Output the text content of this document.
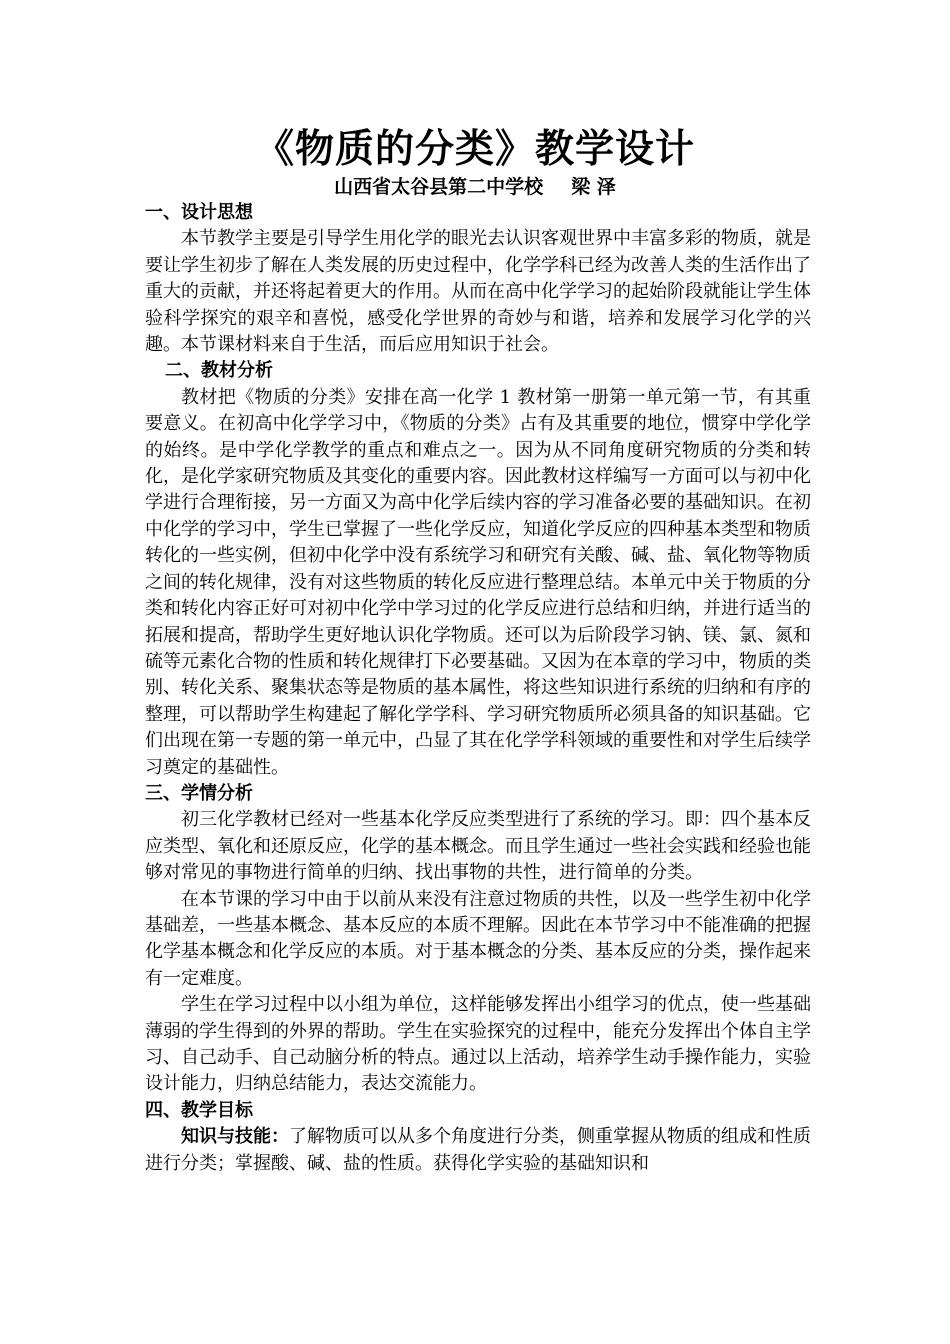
《物质的分类》教学设计
山西省太谷县第二中学校 梁 泽
一、设计思想

本节教学主要是引导学生用化学的眼光去认识客观世界中丰富多彩的物质，就是要让学生初步了解在人类发展的历史过程中，化学学科已经为改善人类的生活作出了重大的贡献，并还将起着更大的作用。从而在高中化学学习的起始阶段就能让学生体验科学探究的艰辛和喜悦，感受化学世界的奇妙与和谐，培养和发展学习化学的兴趣。本节课材料来自于生活，而后应用知识于社会。

二、教材分析

教材把《物质的分类》安排在高一化学 1 教材第一册第一单元第一节，有其重要意义。在初高中化学学习中，《物质的分类》占有及其重要的地位，惯穿中学化学的始终。是中学化学教学的重点和难点之一。因为从不同角度研究物质的分类和转化，是化学家研究物质及其变化的重要内容。因此教材这样编写一方面可以与初中化学进行合理衔接，另一方面又为高中化学后续内容的学习准备必要的基础知识。在初中化学的学习中，学生已掌握了一些化学反应，知道化学反应的四种基本类型和物质转化的一些实例，但初中化学中没有系统学习和研究有关酸、碱、盐、氧化物等物质之间的转化规律，没有对这些物质的转化反应进行整理总结。本单元中关于物质的分类和转化内容正好可对初中化学中学习过的化学反应进行总结和归纳，并进行适当的拓展和提高，帮助学生更好地认识化学物质。还可以为后阶段学习钠、镁、氯、氮和硫等元素化合物的性质和转化规律打下必要基础。又因为在本章的学习中，物质的类别、转化关系、聚集状态等是物质的基本属性，将这些知识进行系统的归纳和有序的整理，可以帮助学生构建起了解化学学科、学习研究物质所必须具备的知识基础。它们出现在第一专题的第一单元中，凸显了其在化学学科领域的重要性和对学生后续学习奠定的基础性。

三、学情分析

初三化学教材已经对一些基本化学反应类型进行了系统的学习。即：四个基本反应类型、氧化和还原反应，化学的基本概念。而且学生通过一些社会实践和经验也能够对常见的事物进行简单的归纳、找出事物的共性，进行简单的分类。

在本节课的学习中由于以前从来没有注意过物质的共性，以及一些学生初中化学基础差，一些基本概念、基本反应的本质不理解。因此在本节学习中不能准确的把握化学基本概念和化学反应的本质。对于基本概念的分类、基本反应的分类，操作起来有一定难度。

学生在学习过程中以小组为单位，这样能够发挥出小组学习的优点，使一些基础薄弱的学生得到的外界的帮助。学生在实验探究的过程中，能充分发挥出个体自主学习、自己动手、自己动脑分析的特点。通过以上活动，培养学生动手操作能力，实验设计能力，归纳总结能力，表达交流能力。

四、教学目标

知识与技能：了解物质可以从多个角度进行分类，侧重掌握从物质的组成和性质进行分类；掌握酸、碱、盐的性质。获得化学实验的基础知识和
